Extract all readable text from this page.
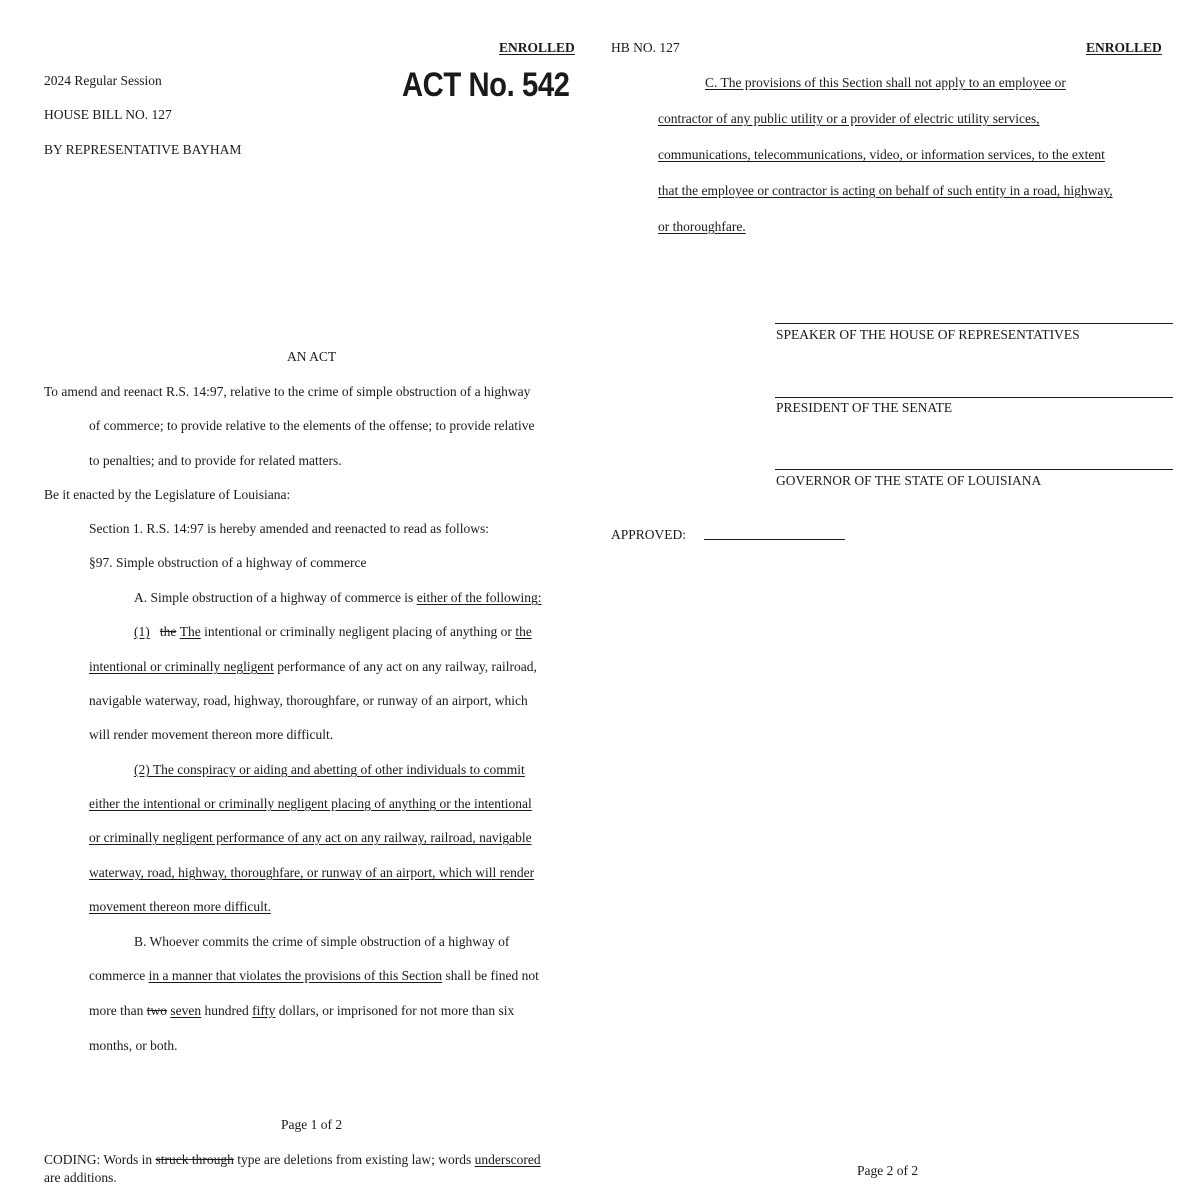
ENROLLED
ACT No. 542
2024 Regular Session
HOUSE BILL NO. 127
BY REPRESENTATIVE BAYHAM
AN ACT
To amend and reenact R.S. 14:97, relative to the crime of simple obstruction of a highway
of commerce; to provide relative to the elements of the offense; to provide relative
to penalties; and to provide for related matters.
Be it enacted by the Legislature of Louisiana:
Section 1. R.S. 14:97 is hereby amended and reenacted to read as follows:
§97. Simple obstruction of a highway of commerce
A. Simple obstruction of a highway of commerce is either of the following:
(1) the The intentional or criminally negligent placing of anything or the
intentional or criminally negligent performance of any act on any railway, railroad,
navigable waterway, road, highway, thoroughfare, or runway of an airport, which
will render movement thereon more difficult.
(2) The conspiracy or aiding and abetting of other individuals to commit
either the intentional or criminally negligent placing of anything or the intentional
or criminally negligent performance of any act on any railway, railroad, navigable
waterway, road, highway, thoroughfare, or runway of an airport, which will render
movement thereon more difficult.
B. Whoever commits the crime of simple obstruction of a highway of
commerce in a manner that violates the provisions of this Section shall be fined not
more than two seven hundred fifty dollars, or imprisoned for not more than six
months, or both.
Page 1 of 2
CODING: Words in struck through type are deletions from existing law; words underscored
are additions.
HB NO. 127	ENROLLED
C. The provisions of this Section shall not apply to an employee or
contractor of any public utility or a provider of electric utility services,
communications, telecommunications, video, or information services, to the extent
that the employee or contractor is acting on behalf of such entity in a road, highway,
or thoroughfare.
SPEAKER OF THE HOUSE OF REPRESENTATIVES
PRESIDENT OF THE SENATE
GOVERNOR OF THE STATE OF LOUISIANA
APPROVED:
Page 2 of 2
